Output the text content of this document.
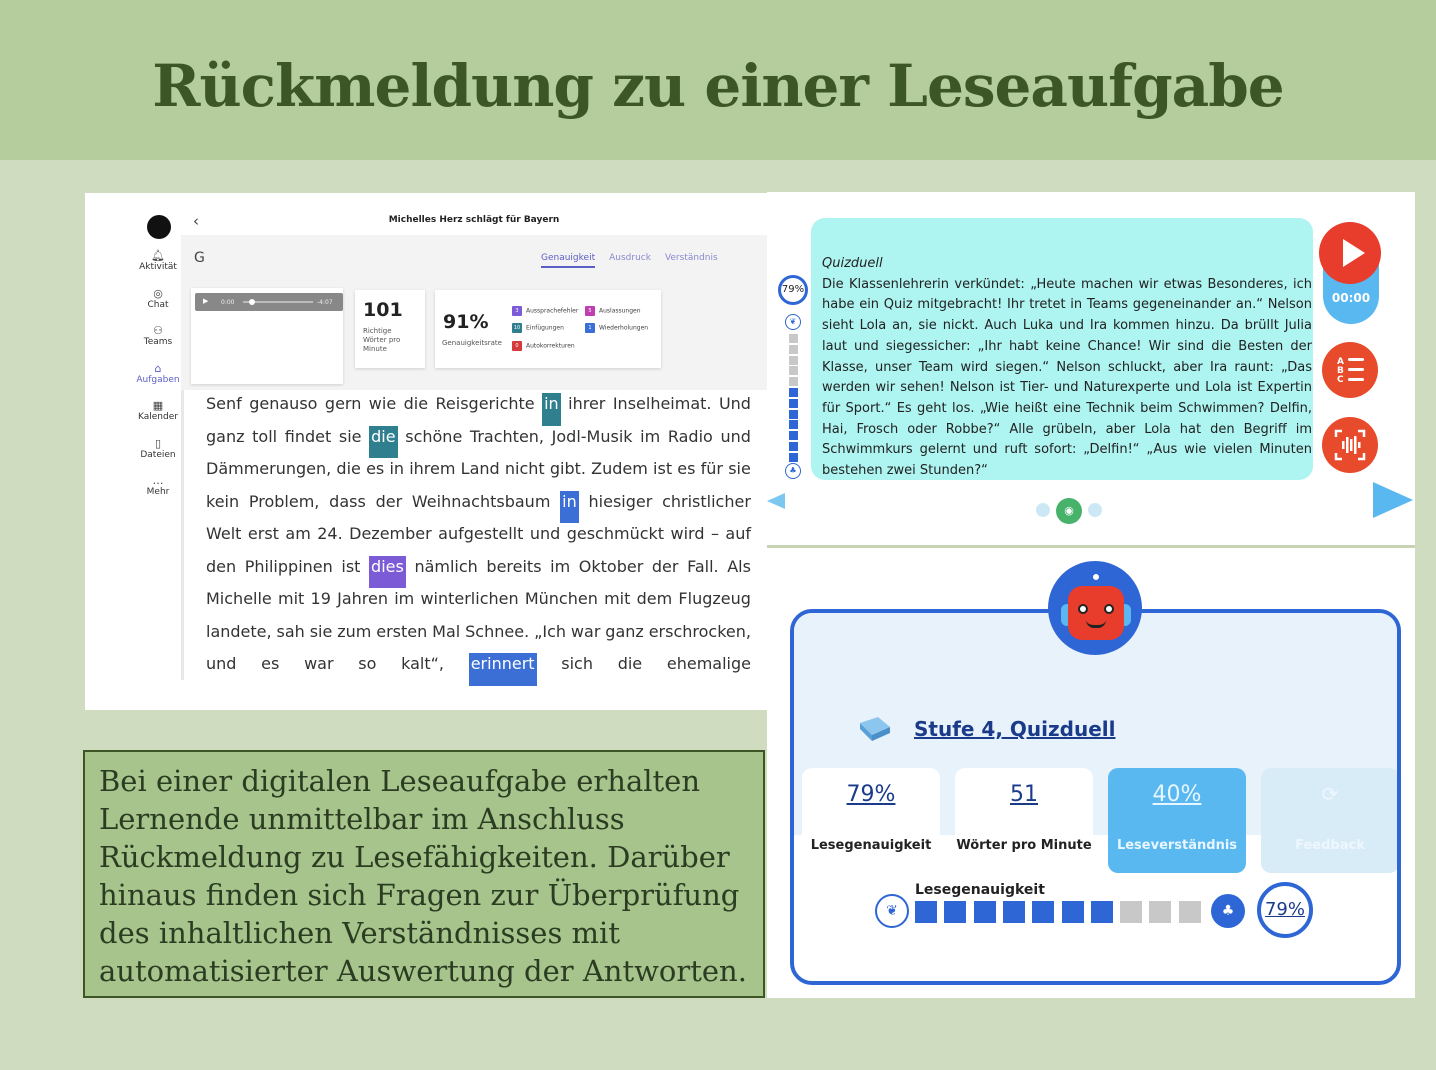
Rückmeldung zu einer Leseaufgabe
🔔︎
Aktivität
◎
Chat
⚇
Teams
⌂
Aufgaben
▦
Kalender
▯
Dateien
…
Mehr
‹	Michelles Herz schlägt für Bayern
G	Genauigkeit Ausdruck Verständnis
▶ 0:00	-4:07 101
Richtige Wörter pro Minute
91%
Genauigkeitsrate
3 Aussprachefehler	5 Auslassungen
10 Einfügungen	1 Wiederholungen
0 Autokorrekturen
Senf genauso gern wie die Reisgerichte in ihrer Inselheimat. Und
ganz toll findet sie die schöne Trachten, Jodl-Musik im Radio und
Dämmerungen, die es in ihrem Land nicht gibt. Zudem ist es für sie
kein Problem, dass der Weihnachtsbaum in hiesiger christlicher
Welt erst am 24. Dezember aufgestellt und geschmückt wird – auf
den Philippinen ist dies nämlich bereits im Oktober der Fall. Als
Michelle mit 19 Jahren im winterlichen München mit dem Flugzeug
landete, sah sie zum ersten Mal Schnee. „Ich war ganz erschrocken,
und es war so kalt“, erinnert sich die ehemalige
Quizduell
Die Klassenlehrerin verkündet: „Heute machen wir etwas Besonderes, ich habe ein Quiz mitgebracht! Ihr tretet in Teams gegeneinander an.“ Nelson sieht Lola an, sie nickt. Auch Luka und Ira kommen hinzu. Da brüllt Julia laut und siegessicher: „Ihr habt keine Chance! Wir sind die Besten der Klasse, unser Team wird siegen.“ Nelson schluckt, aber Ira raunt: „Das werden wir sehen! Nelson ist Tier- und Naturexperte und Lola ist Expertin für Sport.“ Es geht los. „Wie heißt eine Technik beim Schwimmen? Delfin, Hai, Frosch oder Robbe?“ Alle grübeln, aber Lola hat den Begriff im Schwimmkurs gelernt und ruft sofort: „Delfin!“ „Aus wie vielen Minuten bestehen zwei Stunden?“
79%
❦
♣
00:00
A
B
C
◉
Stufe 4, Quizduell
79%
Lesegenauigkeit
51
Wörter pro Minute
40%
Leseverständnis
⟳
Feedback
Lesegenauigkeit
❦	♣	79%

Bei einer digitalen Leseaufgabe erhalten Lernende unmittelbar im Anschluss Rückmeldung zu Lesefähigkeiten. Darüber hinaus finden sich Fragen zur Überprüfung des inhaltlichen Verständnisses mit automatisierter Auswertung der Antworten.
